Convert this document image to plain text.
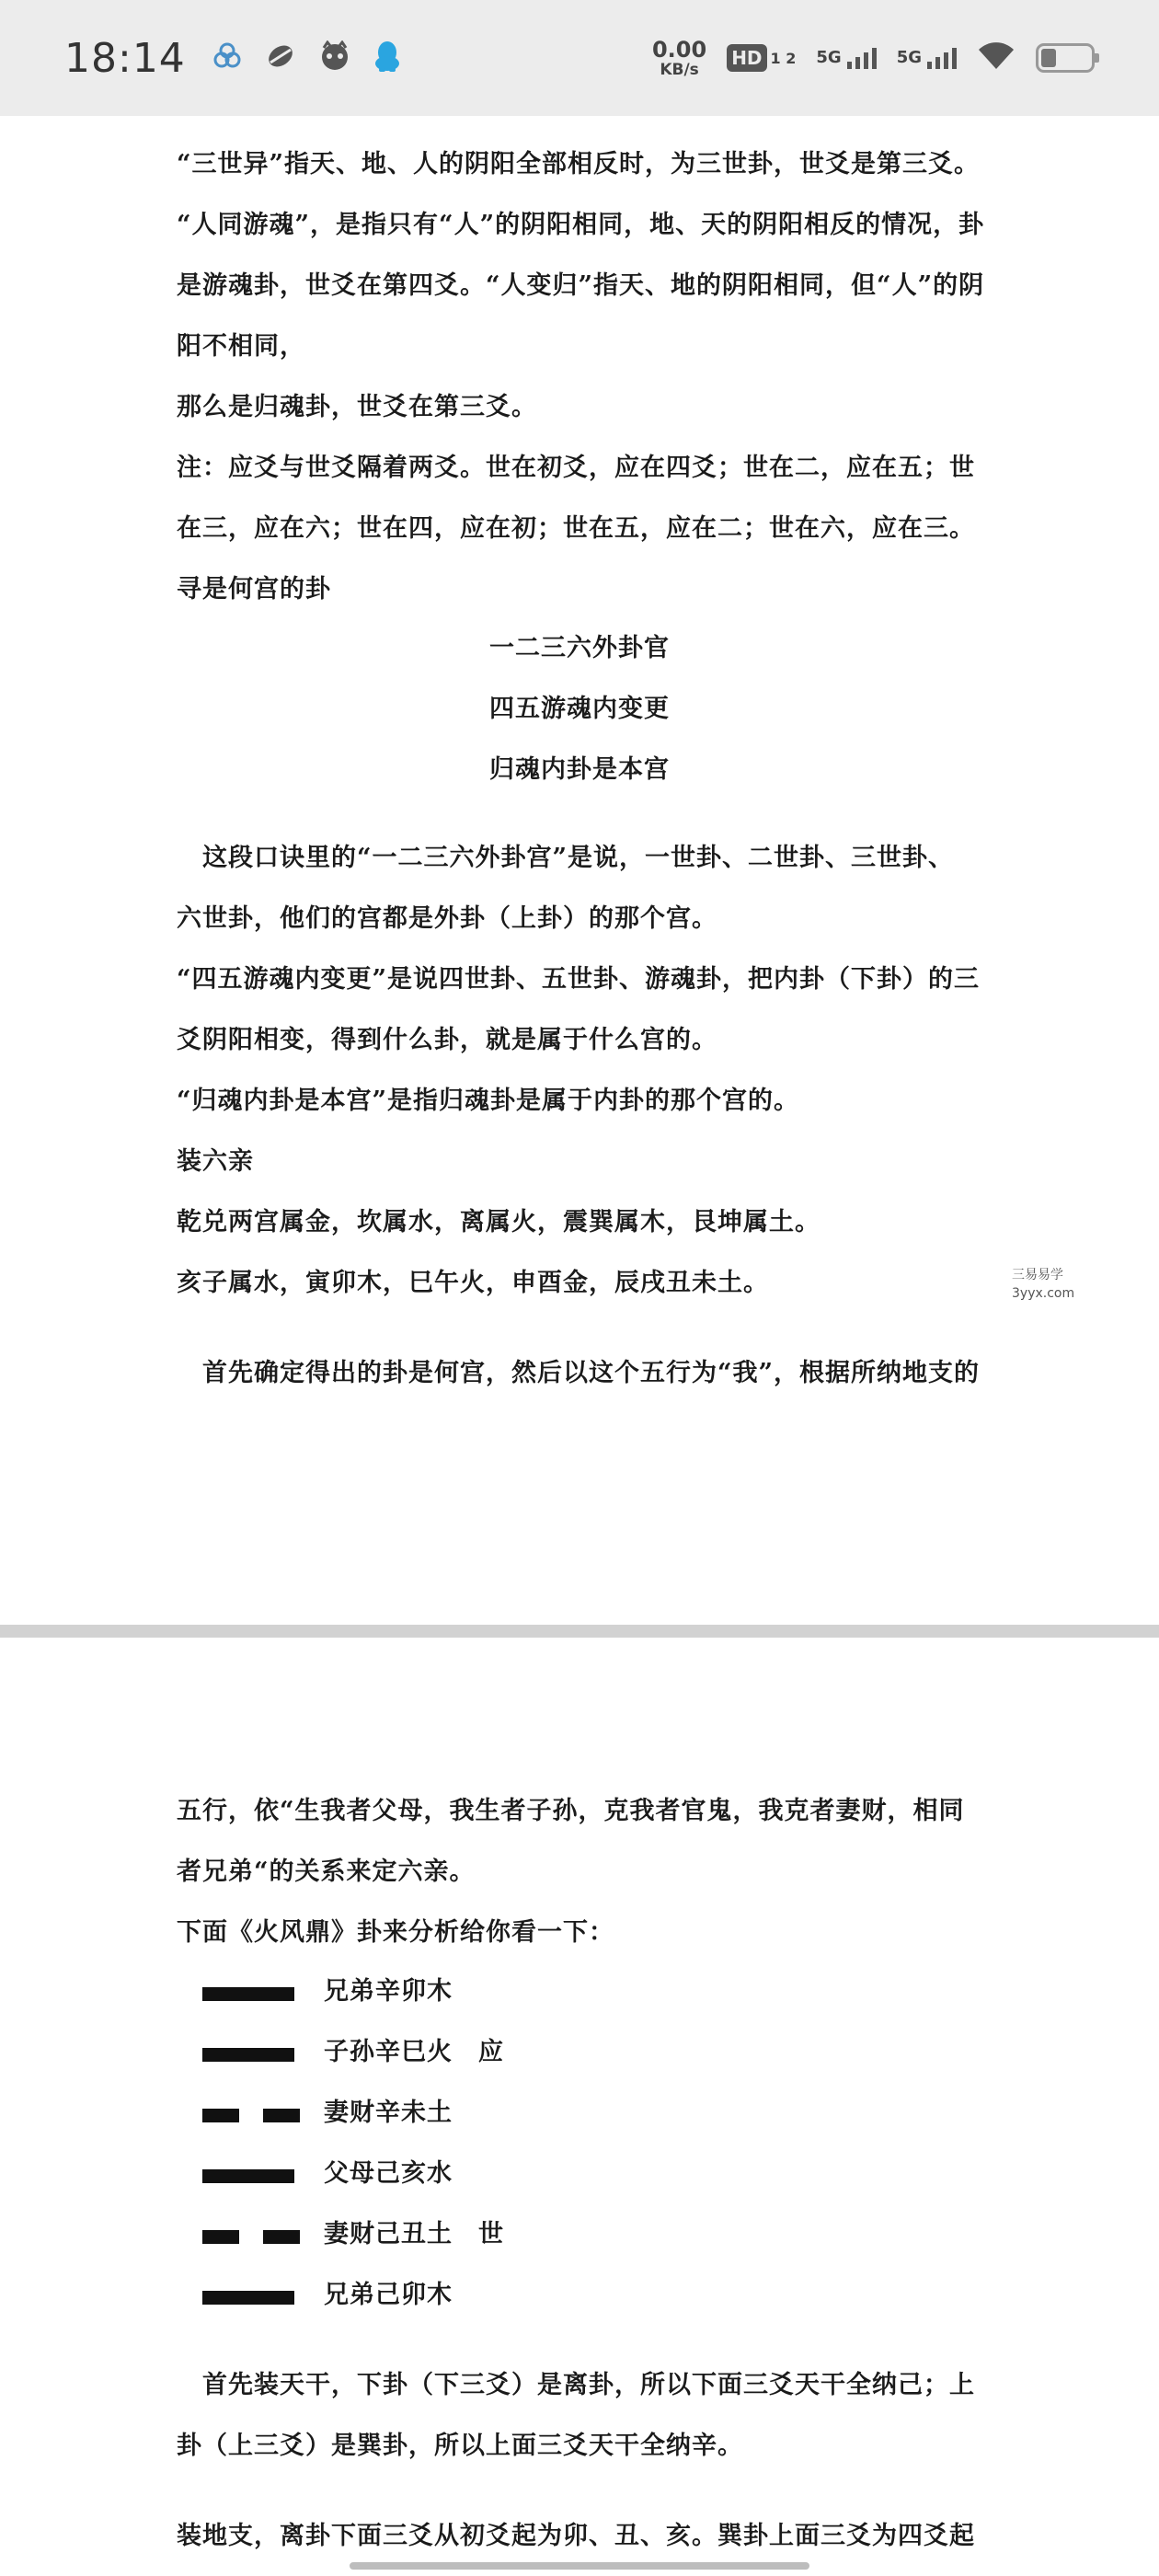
18:14	0.00
KB/s
HD 1 2 5G	5G
“三世异”指天、地、人的阴阳全部相反时，为三世卦，世爻是第三爻。
“人同游魂”，是指只有“人”的阴阳相同，地、天的阴阳相反的情况，卦
是游魂卦，世爻在第四爻。“人变归”指天、地的阴阳相同，但“人”的阴
阳不相同，
那么是归魂卦，世爻在第三爻。
注：应爻与世爻隔着两爻。世在初爻，应在四爻；世在二，应在五；世
在三，应在六；世在四，应在初；世在五，应在二；世在六，应在三。
寻是何宫的卦
一二三六外卦官
四五游魂内变更
归魂内卦是本宫
　这段口诀里的“一二三六外卦宫”是说，一世卦、二世卦、三世卦、
六世卦，他们的宫都是外卦（上卦）的那个宫。
“四五游魂内变更”是说四世卦、五世卦、游魂卦，把内卦（下卦）的三
爻阴阳相变，得到什么卦，就是属于什么宫的。
“归魂内卦是本宫”是指归魂卦是属于内卦的那个宫的。
装六亲
乾兑两宫属金，坎属水，离属火，震巽属木，艮坤属土。
亥子属水，寅卯木，巳午火，申酉金，辰戌丑未土。
　首先确定得出的卦是何宫，然后以这个五行为“我”，根据所纳地支的
三易易学
3yyx.com
五行，依“生我者父母，我生者子孙，克我者官鬼，我克者妻财，相同
者兄弟“的关系来定六亲。
下面《火风鼎》卦来分析给你看一下：
兄弟辛卯木
子孙辛巳火　应
妻财辛未土
父母己亥水
妻财己丑土　世
兄弟己卯木
　首先装天干，下卦（下三爻）是离卦，所以下面三爻天干全纳己；上
卦（上三爻）是巽卦，所以上面三爻天干全纳辛。
装地支，离卦下面三爻从初爻起为卯、丑、亥。巽卦上面三爻为四爻起
